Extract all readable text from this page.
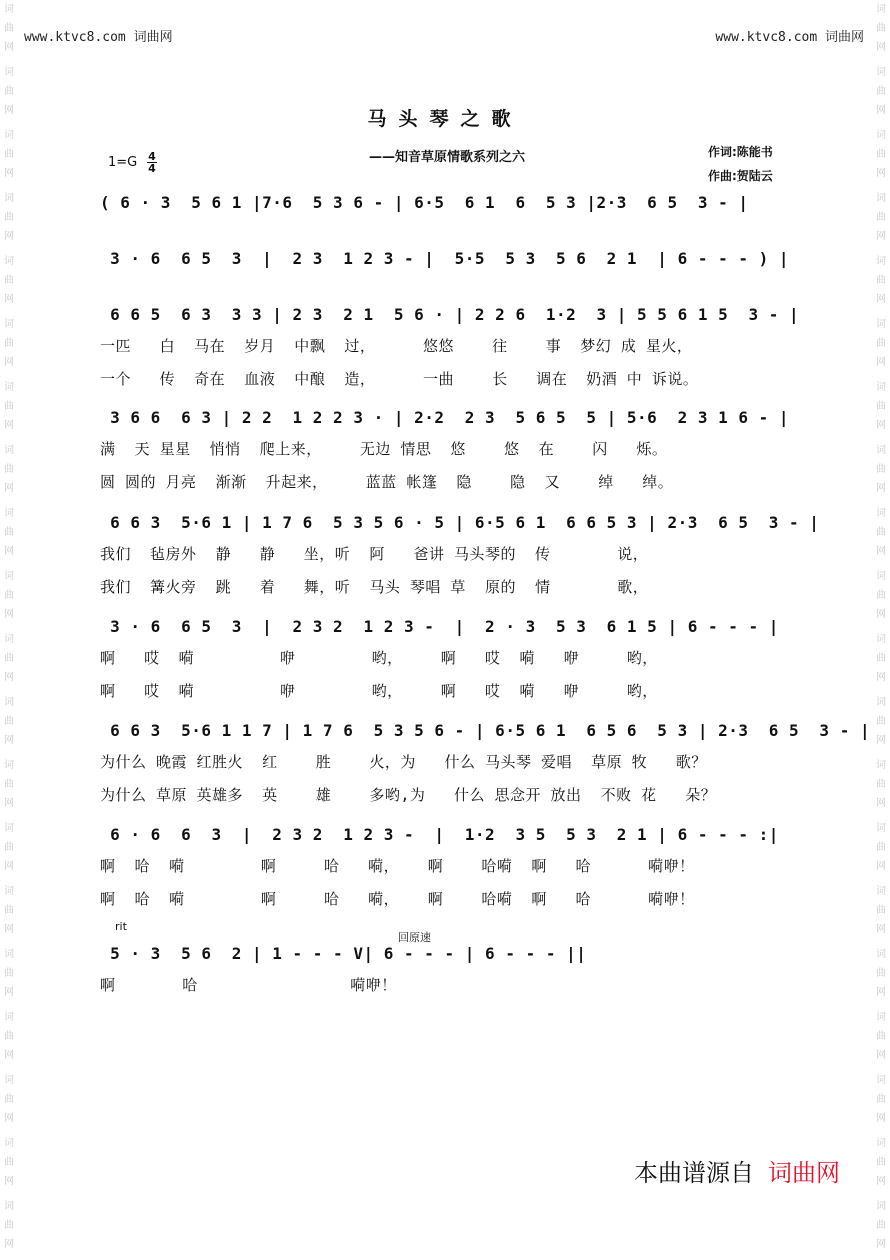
词
曲
网
词
曲
网
词
曲
网
词
曲
网
词
曲
网
词
曲
网
词
曲
网
词
曲
网
词
曲
网
词
曲
网
词
曲
网
词
曲
网
词
曲
网
词
曲
网
词
曲
网
词
曲
网
词
曲
网
词
曲
网
词
曲
网
词
曲
网
词
曲
网
词
曲
网
词
曲
网
词
曲
网
词
曲
网
词
曲
网
词
曲
网
词
曲
网
词
曲
网
词
曲
网
词
曲
网
词
曲
网
词
曲
网
词
曲
网
词
曲
网
词
曲
网
词
曲
网
词
曲
网
词
曲
网
词
曲
网
www.ktvc8.com 词曲网	www.ktvc8.com 词曲网
马头琴之歌
——知音草原情歌系列之六
1=G 4
4
作词:陈能书
作曲:贺陆云
rit
回原速
( 6 · 3  5 6 1 |7·6  5 3 6 - | 6·5  6 1  6  5 3 |2·3  6 5  3 - |
3 · 6  6 5  3  |  2 3  1 2 3 - |  5·5  5 3  5 6  2 1  | 6 - - - ) |
6 6 5  6 3  3 3 | 2 3  2 1  5 6 · | 2 2 6  1·2  3 | 5 5 6 1 5  3 - |
一匹   白  马在  岁月  中飘  过，     悠悠    往    事  梦幻 成 星火，
一个   传  奇在  血液  中酿  造，     一曲    长   调在  奶酒 中 诉说。
3 6 6  6 3 | 2 2  1 2 2 3 · | 2·2  2 3  5 6 5  5 | 5·6  2 3 1 6 - |
满  天 星星  悄悄  爬上来，    无边 情思  悠    悠  在    闪   烁。
圆 圆的 月亮  渐渐  升起来，    蓝蓝 帐篷  隐    隐  又    绰   绰。
6 6 3  5·6 1 | 1 7 6  5 3 5 6 · 5 | 6·5 6 1  6 6 5 3 | 2·3  6 5  3 - |
我们  毡房外  静   静   坐，听  阿   爸讲 马头琴的  传       说，
我们  篝火旁  跳   着   舞，听  马头 琴唱 草  原的  情       歌，
3 · 6  6 5  3  |  2 3 2  1 2 3 -  |  2 · 3  5 3  6 1 5 | 6 - - - |
啊   哎  嗬         咿        哟，    啊   哎  嗬   咿     哟，
啊   哎  嗬         咿        哟，    啊   哎  嗬   咿     哟，
6 6 3  5·6 1 1 7 | 1 7 6  5 3 5 6 - | 6·5 6 1  6 5 6  5 3 | 2·3  6 5  3 - |
为什么 晚霞 红胜火  红    胜    火，为   什么 马头琴 爱唱  草原 牧   歌？
为什么 草原 英雄多  英    雄    多哟,为   什么 思念开 放出  不败 花   朵？
6 · 6  6  3  |  2 3 2  1 2 3 -  |  1·2  3 5  5 3  2 1 | 6 - - - :|
啊  哈  嗬        啊     哈   嗬，   啊    哈嗬  啊   哈      嗬咿！
啊  哈  嗬        啊     哈   嗬，   啊    哈嗬  啊   哈      嗬咿！
5 · 3  5 6  2 | 1 - - - V| 6 - - - | 6 - - - ||
啊       哈                嗬咿！
本曲谱源自 词曲网
